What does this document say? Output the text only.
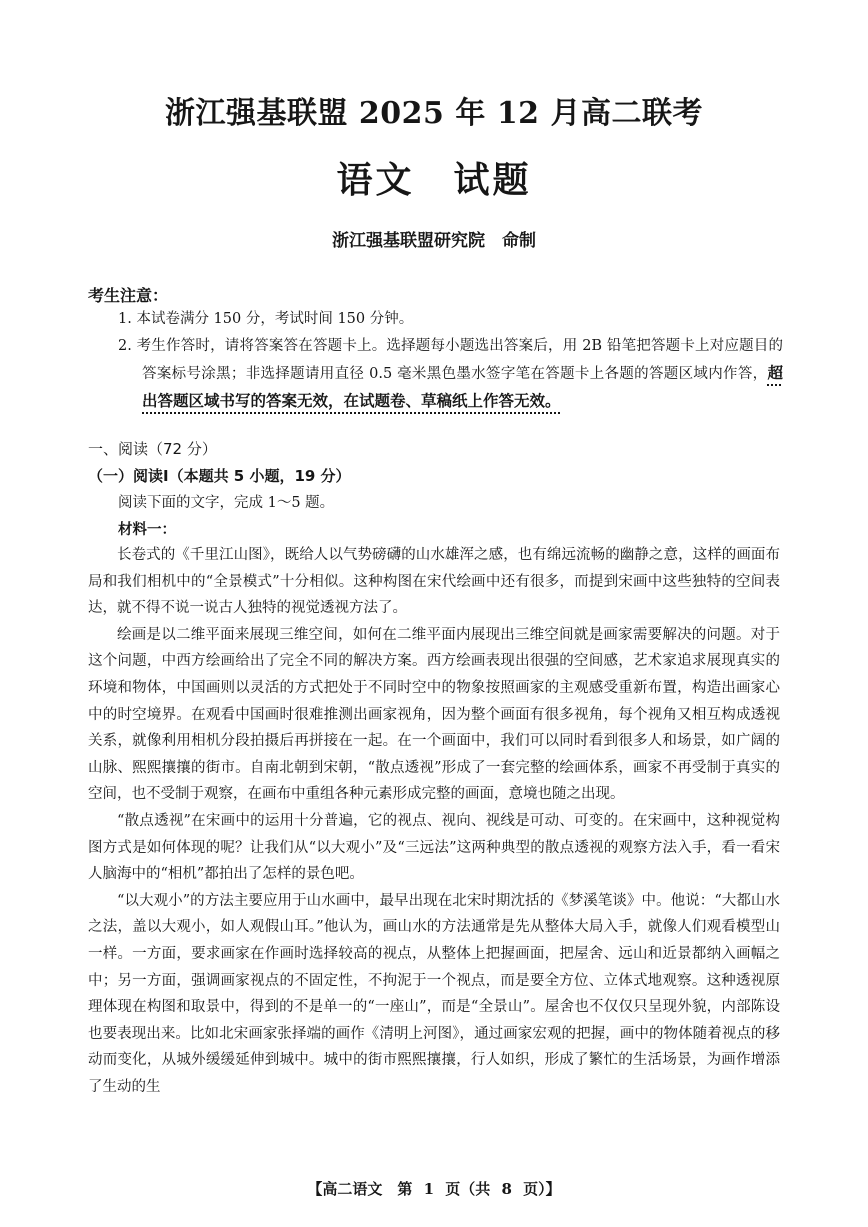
浙江强基联盟 2025 年 12 月高二联考
语文　试题
浙江强基联盟研究院　命制
考生注意：
1. 本试卷满分 150 分，考试时间 150 分钟。
2. 考生作答时，请将答案答在答题卡上。选择题每小题选出答案后，用 2B 铅笔把答题卡上对应题目的答案标号涂黑；非选择题请用直径 0.5 毫米黑色墨水签字笔在答题卡上各题的答题区域内作答，超出答题区域书写的答案无效，在试题卷、草稿纸上作答无效。
一、阅读（72 分）
（一）阅读Ⅰ（本题共 5 小题，19 分）
阅读下面的文字，完成 1～5 题。
材料一：

长卷式的《千里江山图》，既给人以气势磅礴的山水雄浑之感，也有绵远流畅的幽静之意，这样的画面布局和我们相机中的“全景模式”十分相似。这种构图在宋代绘画中还有很多，而提到宋画中这些独特的空间表达，就不得不说一说古人独特的视觉透视方法了。

绘画是以二维平面来展现三维空间，如何在二维平面内展现出三维空间就是画家需要解决的问题。对于这个问题，中西方绘画给出了完全不同的解决方案。西方绘画表现出很强的空间感，艺术家追求展现真实的环境和物体，中国画则以灵活的方式把处于不同时空中的物象按照画家的主观感受重新布置，构造出画家心中的时空境界。在观看中国画时很难推测出画家视角，因为整个画面有很多视角，每个视角又相互构成透视关系，就像利用相机分段拍摄后再拼接在一起。在一个画面中，我们可以同时看到很多人和场景，如广阔的山脉、熙熙攘攘的街市。自南北朝到宋朝，“散点透视”形成了一套完整的绘画体系，画家不再受制于真实的空间，也不受制于观察，在画布中重组各种元素形成完整的画面，意境也随之出现。

“散点透视”在宋画中的运用十分普遍，它的视点、视向、视线是可动、可变的。在宋画中，这种视觉构图方式是如何体现的呢？让我们从“以大观小”及“三远法”这两种典型的散点透视的观察方法入手，看一看宋人脑海中的“相机”都拍出了怎样的景色吧。

“以大观小”的方法主要应用于山水画中，最早出现在北宋时期沈括的《梦溪笔谈》中。他说：“大都山水之法，盖以大观小，如人观假山耳。”他认为，画山水的方法通常是先从整体大局入手，就像人们观看模型山一样。一方面，要求画家在作画时选择较高的视点，从整体上把握画面，把屋舍、远山和近景都纳入画幅之中；另一方面，强调画家视点的不固定性，不拘泥于一个视点，而是要全方位、立体式地观察。这种透视原理体现在构图和取景中，得到的不是单一的“一座山”，而是“全景山”。屋舍也不仅仅只呈现外貌，内部陈设也要表现出来。比如北宋画家张择端的画作《清明上河图》，通过画家宏观的把握，画中的物体随着视点的移动而变化，从城外缓缓延伸到城中。城中的街市熙熙攘攘，行人如织，形成了繁忙的生活场景，为画作增添了生动的生

【高二语文　第 1 页（共 8 页）】
